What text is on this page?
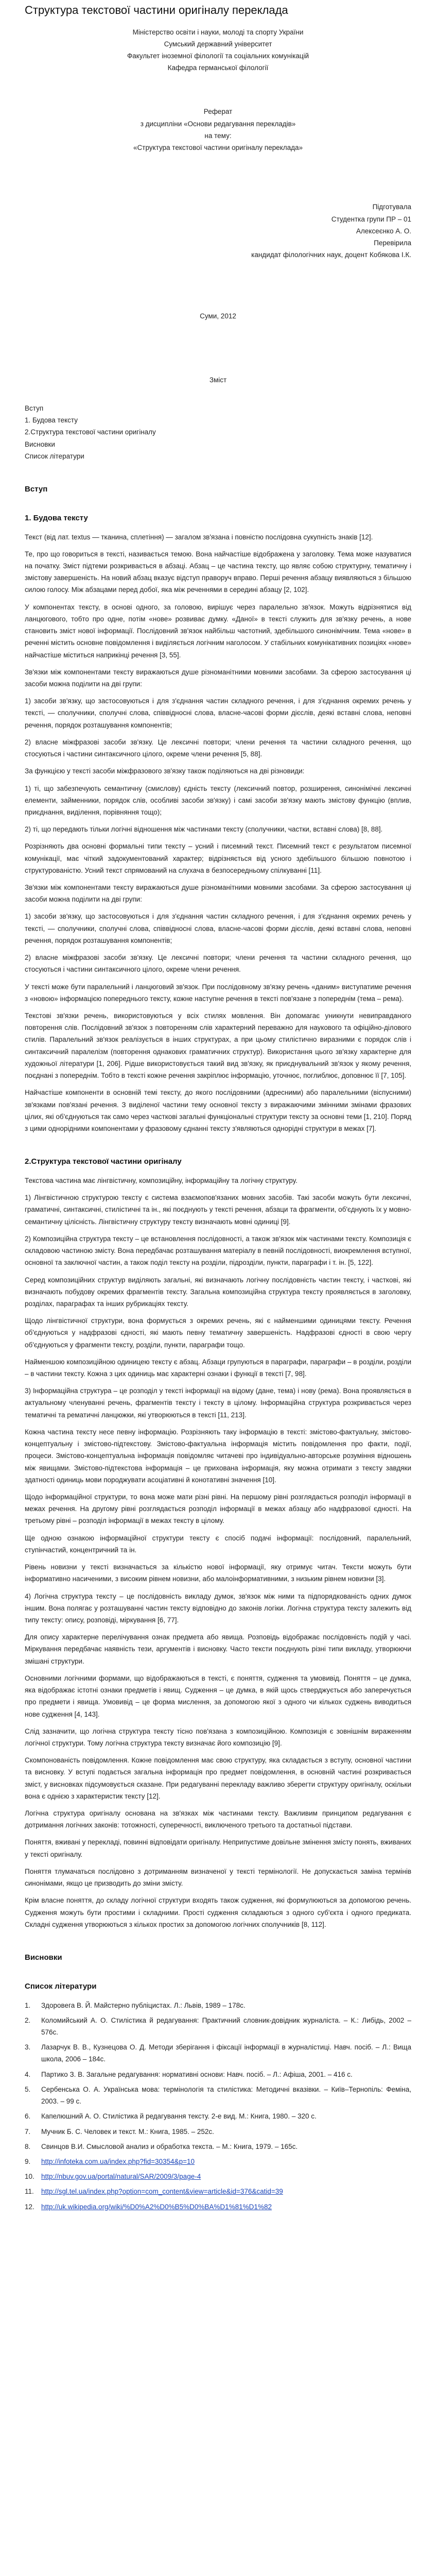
Структура текстової частини оригіналу переклада
Міністерство освіти і науки, молоді та спорту України
Сумський державний університет
Факультет іноземної філології та соціальних комунікацій
Кафедра германської філології
Реферат
з дисципліни «Основи редагування перекладів»
на тему:
«Структура текстової частини оригіналу переклада»
Підготувала
Студентка групи ПР – 01
Алексеєнко А. О.
Перевірила
кандидат філологічних наук, доцент Кобякова І.К.
Суми, 2012
Зміст
Вступ
1. Будова тексту
2.Структура текстової частини оригіналу
Висновки
Список літератури
Вступ
1. Будова тексту

Текст (від лат. textus — тканина, сплетіння) — загалом зв'язана і повністю послідовна сукупність знаків [12].

Те, про що говориться в тексті, називається темою. Вона найчастіше відображена у заголовку. Тема може назуватися на початку. Зміст підтеми розкривається в абзаці. Абзац – це частина тексту, що являє собою структурну, тематичну і змістову завершеність. На новий абзац вказує відступ праворуч вправо. Перші речення абзацу виявляються з більшою силою голосу. Між абзацами перед добої, яка між реченнями в середині абзацу [2, 102].

У компонентах тексту, в основі одного, за головою, вирішує через паралельно зв'язок. Можуть відрізнятися від ланцюгового, тобто про одне, потім «нове» розвиває думку. «Даної» в тексті служить для зв'язку речень, а нове становить зміст нової інформації. Послідовний зв'язок найбільш частотний, здебільшого синонімічним. Тема «нове» в реченні містить основне повідомлення і виділяється логічним наголосом. У стабільних комунікативних позиціях «нове» найчастіше міститься наприкінці речення [3, 55].

Зв'язки між компонентами тексту виражаються душе різноманітними мовними засобами. За сферою застосування ці засоби можна поділити на дві групи:

1) засоби зв'язку, що застосовуються і для з'єднання частин складного речення, і для з'єднання окремих речень у тексті, — сполучники, сполучні слова, співвідносні слова, власне-часові форми дієслів, деякі вставні слова, неповні речення, порядок розташування компонентів;

2) власне міжфразові засоби зв'язку. Це лексичні повтори; члени речення та частини складного речення, що стосуються і частини синтаксичного цілого, окреме члени речення [5, 88].

За функцією у тексті засоби міжфразового зв'язку також поділяються на дві різновиди:

1) ті, що забезпечують семантичну (смислову) єдність тексту (лексичний повтор, розширення, синонімічні лексичні елементи, займенники, порядок слів, особливі засоби зв'язку) і самі засоби зв'язку мають змістову функцію (вплив, приєднання, виділення, порівняння тощо);

2) ті, що передають тільки логічні відношення між частинами тексту (сполучники, частки, вставні слова) [8, 88].

Розрізняють два основні формальні типи тексту – усний і писемний текст. Писемний текст є результатом писемної комунікації, має чіткий задокументований характер; відрізняється від усного здебільшого більшою повнотою і структурованістю. Усний текст спрямований на слухача в безпосередньому спілкуванні [11].

Зв'язки між компонентами тексту виражаються душе різноманітними мовними засобами. За сферою застосування ці засоби можна поділити на дві групи:

1) засоби зв'язку, що застосовуються і для з'єднання частин складного речення, і для з'єднання окремих речень у тексті, — сполучники, сполучні слова, співвідносні слова, власне-часові форми дієслів, деякі вставні слова, неповні речення, порядок розташування компонентів;

2) власне міжфразові засоби зв'язку. Це лексичні повтори; члени речення та частини складного речення, що стосуються і частини синтаксичного цілого, окреме члени речення.

У тексті може бути паралельний і ланцюговий зв'язок. При послідовному зв'язку речень «даним» виступатиме речення з «новою» інформацією попереднього тексту, кожне наступне речення в тексті пов'язане з попереднім (тема – рема).

Текстові зв'язки речень, використовуються у всіх стилях мовлення. Він допомагає уникнути невиправданого повторення слів. Послідовний зв'язок з повторенням слів характерний переважно для наукового та офіційно-ділового стилів. Паралельний зв'язок реалізується в інших структурах, а при цьому стилістично виразними є порядок слів і синтаксичний паралелізм (повторення однакових граматичних структур). Використання цього зв'язку характерне для художньої літератури [1, 206]. Рідше використовується такий вид зв'язку, як приєднувальний зв'язок у якому речення, поєднані з попереднім. Тобто в тексті кожне речення закріплює інформацію, уточнює, поглиблює, доповнює її [7, 105].

Найчастіше компоненти в основній темі тексту, до якого послідовними (адресними) або паралельними (віспусними) зв'язками пов'язані речення. З виділеної частини тему основної тексту з виражаючими змінними змінами фразових цілих, які об'єднуються так само через часткові загальні функціональні структури тексту за основні теми [1, 210]. Поряд з цими однорідними компонентами у фразовому єднанні тексту з'являються однорідні структури в межах [7].

2.Структура текстової частини оригіналу

Текстова частина має лінгвістичну, композиційну, інформаційну та логічну структуру.

1) Лінгвістичною структурою тексту є система взаємопов'язаних мовних засобів. Такі засоби можуть бути лексичні, граматичні, синтаксичні, стилістичні та ін., які поєднують у тексті речення, абзаци та фрагменти, об'єднують їх у мовно-семантичну цілісність. Лінгвістичну структуру тексту визначають мовні одиниці [9].

2) Композиційна структура тексту – це встановлення послідовності, а також зв'язок між частинами тексту. Композиція є складовою частиною змісту. Вона передбачає розташування матеріалу в певній послідовності, виокремлення вступної, основної та заключної частин, а також поділ тексту на розділи, підрозділи, пункти, параграфи і т. ін. [5, 122].

Серед композиційних структур виділяють загальні, які визначають логічну послідовність частин тексту, і часткові, які визначають побудову окремих фрагментів тексту. Загальна композиційна структура тексту проявляється в заголовку, розділах, параграфах та інших рубрикаціях тексту.

Щодо лінгвістичної структури, вона формується з окремих речень, які є найменшими одиницями тексту. Речення об'єднуються у надфразові єдності, які мають певну тематичну завершеність. Надфразові єдності в свою чергу об'єднуються у фрагменти тексту, розділи, пункти, параграфи тощо.

Найменшою композиційною одиницею тексту є абзац. Абзаци групуються в параграфи, параграфи – в розділи, розділи – в частини тексту. Кожна з цих одиниць має характерні ознаки і функції в тексті [7, 98].

3) Інформаційна структура – це розподіл у тексті інформації на відому (дане, тема) і нову (рема). Вона проявляється в актуальному членуванні речень, фрагментів тексту і тексту в цілому. Інформаційна структура розкривається через тематичні та рематичні ланцюжки, які утворюються в тексті [11, 213].

Кожна частина тексту несе певну інформацію. Розрізняють таку інформацію в тексті: змістово-фактуальну, змістово-концептуальну і змістово-підтекстову. Змістово-фактуальна інформація містить повідомлення про факти, події, процеси. Змістово-концептуальна інформація повідомляє читачеві про індивідуально-авторське розуміння відношень між явищами. Змістово-підтекстова інформація – це прихована інформація, яку можна отримати з тексту завдяки здатності одиниць мови породжувати асоціативні й конотативні значення [10].

Щодо інформаційної структури, то вона може мати різні рівні. На першому рівні розглядається розподіл інформації в межах речення. На другому рівні розглядається розподіл інформації в межах абзацу або надфразової єдності. На третьому рівні – розподіл інформації в межах тексту в цілому.

Ще одною ознакою інформаційної структури тексту є спосіб подачі інформації: послідовний, паралельний, ступінчастий, концентричний та ін.

Рівень новизни у тексті визначається за кількістю нової інформації, яку отримує читач. Тексти можуть бути інформативно насиченими, з високим рівнем новизни, або малоінформативними, з низьким рівнем новизни [3].

4) Логічна структура тексту – це послідовність викладу думок, зв'язок між ними та підпорядкованість одних думок іншим. Вона полягає у розташуванні частин тексту відповідно до законів логіки. Логічна структура тексту залежить від типу тексту: опису, розповіді, міркування [6, 77].

Для опису характерне перелічування ознак предмета або явища. Розповідь відображає послідовність подій у часі. Міркування передбачає наявність тези, аргументів і висновку. Часто тексти поєднують різні типи викладу, утворюючи змішані структури.

Основними логічними формами, що відображаються в тексті, є поняття, судження та умовивід. Поняття – це думка, яка відображає істотні ознаки предметів і явищ. Судження – це думка, в якій щось стверджується або заперечується про предмети і явища. Умовивід – це форма мислення, за допомогою якої з одного чи кількох суджень виводиться нове судження [4, 143].

Слід зазначити, що логічна структура тексту тісно пов'язана з композиційною. Композиція є зовнішнім вираженням логічної структури. Тому логічна структура тексту визначає його композицію [9].

Скомпонованість повідомлення. Кожне повідомлення має свою структуру, яка складається з вступу, основної частини та висновку. У вступі подається загальна інформація про предмет повідомлення, в основній частині розкривається зміст, у висновках підсумовується сказане. При редагуванні перекладу важливо зберегти структуру оригіналу, оскільки вона є однією з характеристик тексту [12].

Логічна структура оригіналу основана на зв'язках між частинами тексту. Важливим принципом редагування є дотримання логічних законів: тотожності, суперечності, виключеного третього та достатньої підстави.

Поняття, вживані у перекладі, повинні відповідати оригіналу. Неприпустиме довільне змінення змісту понять, вживаних у тексті оригіналу.

Поняття тлумачаться послідовно з дотриманням визначеної у тексті термінології. Не допускається заміна термінів синонімами, якщо це призводить до зміни змісту.

Крім власне поняття, до складу логічної структури входять також судження, які формулюються за допомогою речень. Судження можуть бути простими і складними. Прості судження складаються з одного суб'єкта і одного предиката. Складні судження утворюються з кількох простих за допомогою логічних сполучників [8, 112].

Висновки
Список літератури
1.	Здоровега В. Й. Майстерно публіцистах. Л.: Львів, 1989 – 178с.
2.	Коломийський А. О. Стилістика й редагування: Практичний словник-довідник журналіста. – К.: Либідь, 2002 – 576с.
3.	Лазарчук В. В., Кузнецова О. Д. Методи зберігання і фіксації інформації в журналістиці. Навч. посіб. – Л.: Вища школа, 2006 – 184с.
4.	Партико З. В. Загальне редагування: нормативні основи: Навч. посіб. – Л.: Афіша, 2001. – 416 с.
5.	Сербенська О. А. Українська мова: термінологія та стилістика: Методичні вказівки. – Київ–Тернопіль: Феміна, 2003. – 99 с.
6.	Капелюшний А. О. Стилістика й редагування тексту. 2-е вид. М.: Книга, 1980. – 320 с.
7.	Мучник Б. С. Человек и текст. М.: Книга, 1985. – 252с.
8.	Свинцов В.И. Смысловой анализ и обработка текста. – М.: Книга, 1979. – 165с.
9.	http://infoteka.com.ua/index.php?fid=30354&p=10
10. http://nbuv.gov.ua/portal/natural/SAR/2009/3/page-4
11.	http://sgl.tel.ua/index.php?option=com_content&view=article&id=376&catid=39
12. http://uk.wikipedia.org/wiki/%D0%A2%D0%B5%D0%BA%D1%81%D1%82
